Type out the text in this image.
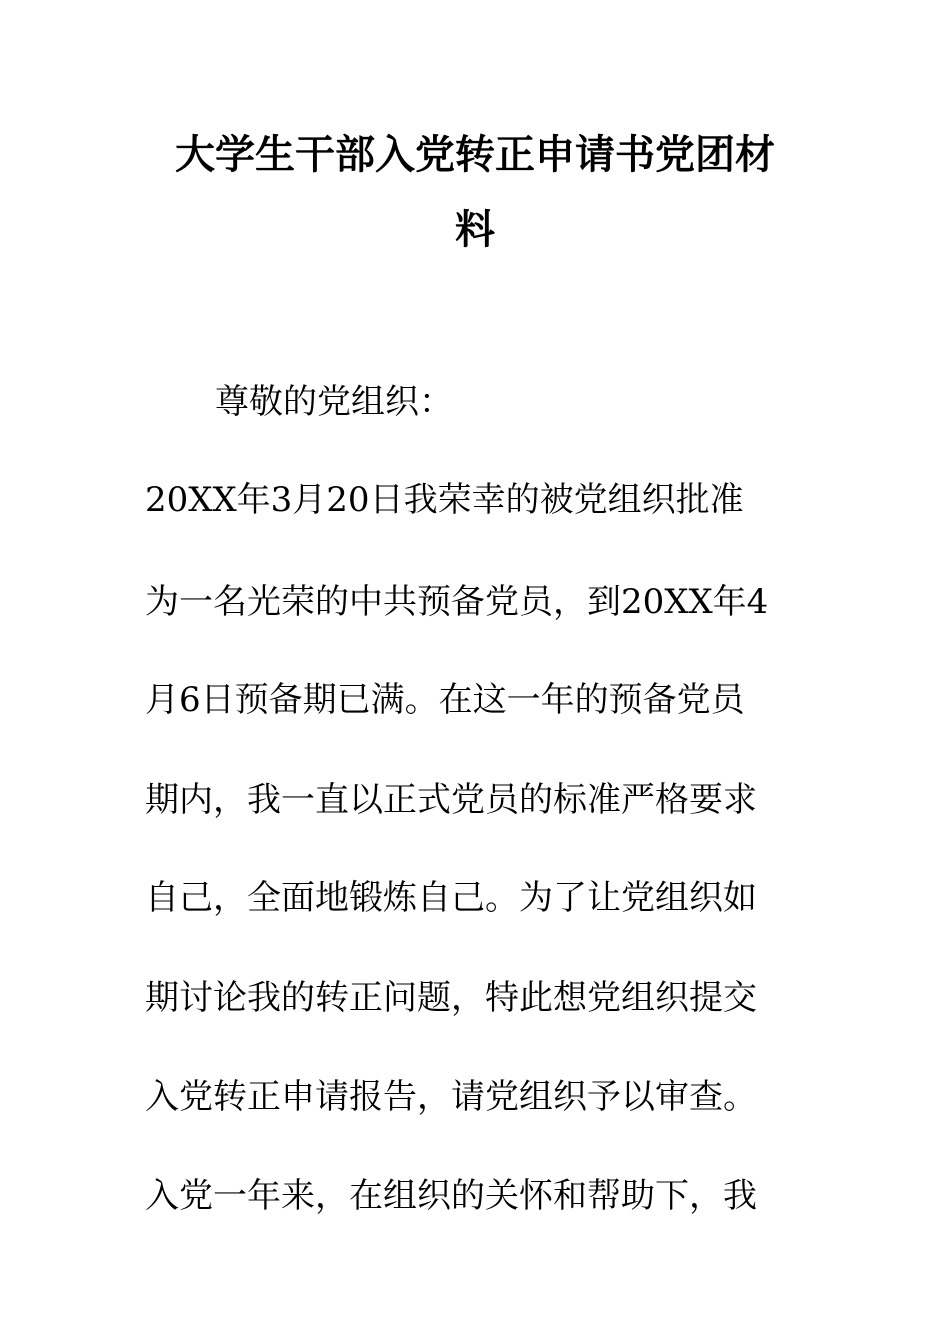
大学生干部入党转正申请书党团材
料
尊敬的党组织：
20XX年3月20日我荣幸的被党组织批准
为一名光荣的中共预备党员，到20XX年4
月6日预备期已满。在这一年的预备党员
期内，我一直以正式党员的标准严格要求
自己，全面地锻炼自己。为了让党组织如
期讨论我的转正问题，特此想党组织提交
入党转正申请报告，请党组织予以审查。
入党一年来，在组织的关怀和帮助下，我
